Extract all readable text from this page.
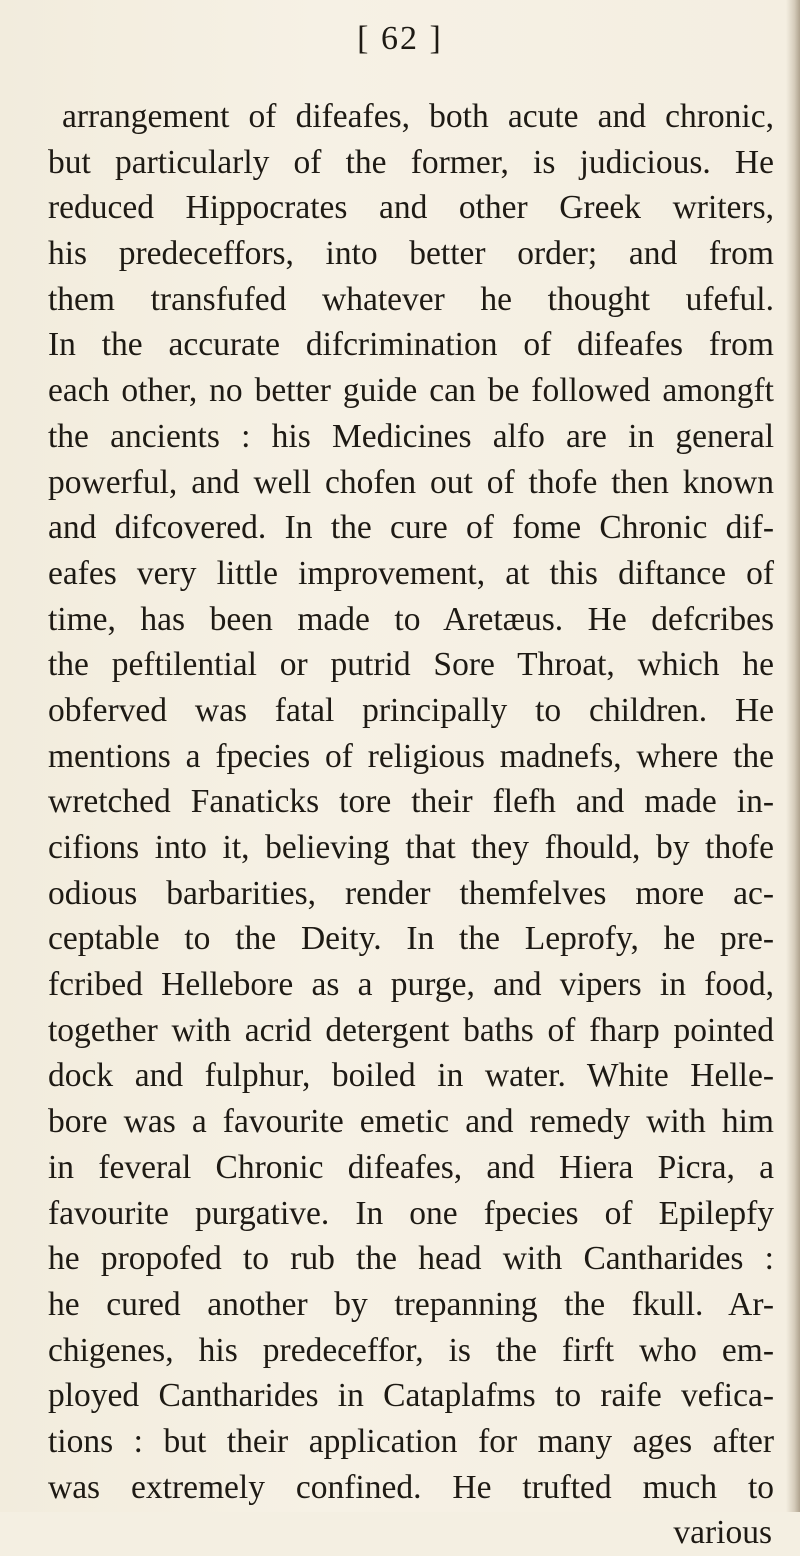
[ 62 ]
arrangement of difeafes, both acute and chronic,
but particularly of the former, is judicious. He
reduced Hippocrates and other Greek writers,
his predeceffors, into better order; and from
them transfufed whatever he thought ufeful.
In the accurate difcrimination of difeafes from
each other, no better guide can be followed amongft
the ancients : his Medicines alfo are in general
powerful, and well chofen out of thofe then known
and difcovered. In the cure of fome Chronic dif-
eafes very little improvement, at this diftance of
time, has been made to Aretæus. He defcribes
the peftilential or putrid Sore Throat, which he
obferved was fatal principally to children. He
mentions a fpecies of religious madnefs, where the
wretched Fanaticks tore their flefh and made in-
cifions into it, believing that they fhould, by thofe
odious barbarities, render themfelves more ac-
ceptable to the Deity. In the Leprofy, he pre-
fcribed Hellebore as a purge, and vipers in food,
together with acrid detergent baths of fharp pointed
dock and fulphur, boiled in water. White Helle-
bore was a favourite emetic and remedy with him
in feveral Chronic difeafes, and Hiera Picra, a
favourite purgative. In one fpecies of Epilepfy
he propofed to rub the head with Cantharides :
he cured another by trepanning the fkull. Ar-
chigenes, his predeceffor, is the firft who em-
ployed Cantharides in Cataplafms to raife vefica-
tions : but their application for many ages after
was extremely confined. He trufted much to
various
